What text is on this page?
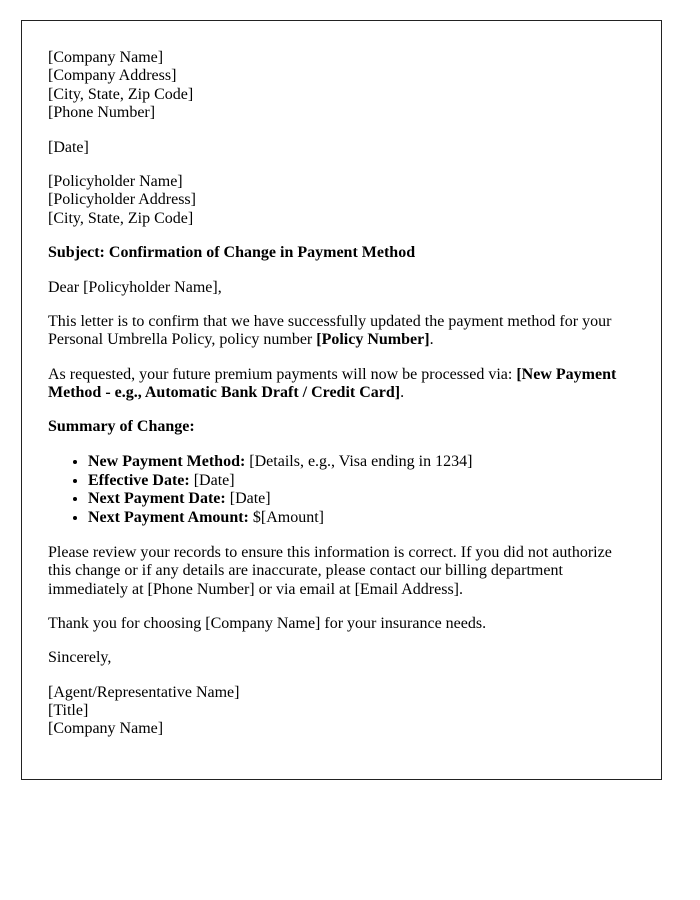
[Company Name]
[Company Address]
[City, State, Zip Code]
[Phone Number]

[Date]

[Policyholder Name]
[Policyholder Address]
[City, State, Zip Code]

Subject: Confirmation of Change in Payment Method

Dear [Policyholder Name],

This letter is to confirm that we have successfully updated the payment method for your Personal Umbrella Policy, policy number [Policy Number].

As requested, your future premium payments will now be processed via: [New Payment Method - e.g., Automatic Bank Draft / Credit Card].

Summary of Change:

• New Payment Method: [Details, e.g., Visa ending in 1234]
• Effective Date: [Date]
• Next Payment Date: [Date]
• Next Payment Amount: $[Amount]

Please review your records to ensure this information is correct. If you did not authorize this change or if any details are inaccurate, please contact our billing department immediately at [Phone Number] or via email at [Email Address].

Thank you for choosing [Company Name] for your insurance needs.

Sincerely,

[Agent/Representative Name]
[Title]
[Company Name]
